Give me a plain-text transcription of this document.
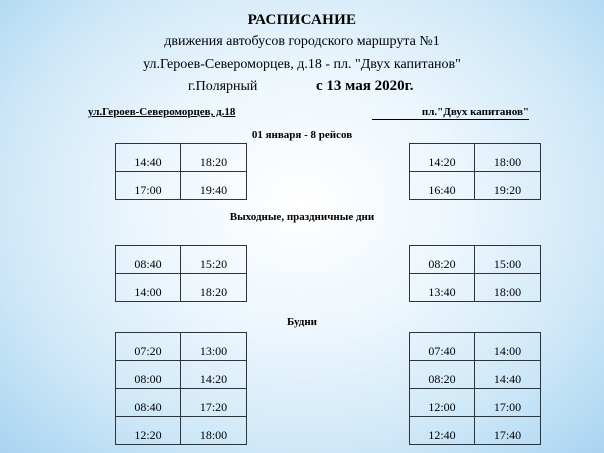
РАСПИСАНИЕ
движения автобусов городского маршрута №1
ул.Героев-Североморцев, д.18 - пл. "Двух капитанов"
г.Полярный	с 13 мая 2020г.
ул.Героев-Североморцев, д.18	пл."Двух капитанов"
01 января - 8 рейсов
14:40	18:20
17:00	19:40
14:20	18:00
16:40	19:20
Выходные, праздничные дни
08:40	15:20
14:00	18:20
08:20	15:00
13:40	18:00
Будни
07:20	13:00
08:00	14:20
08:40	17:20
12:20	18:00
07:40	14:00
08:20	14:40
12:00	17:00
12:40	17:40
